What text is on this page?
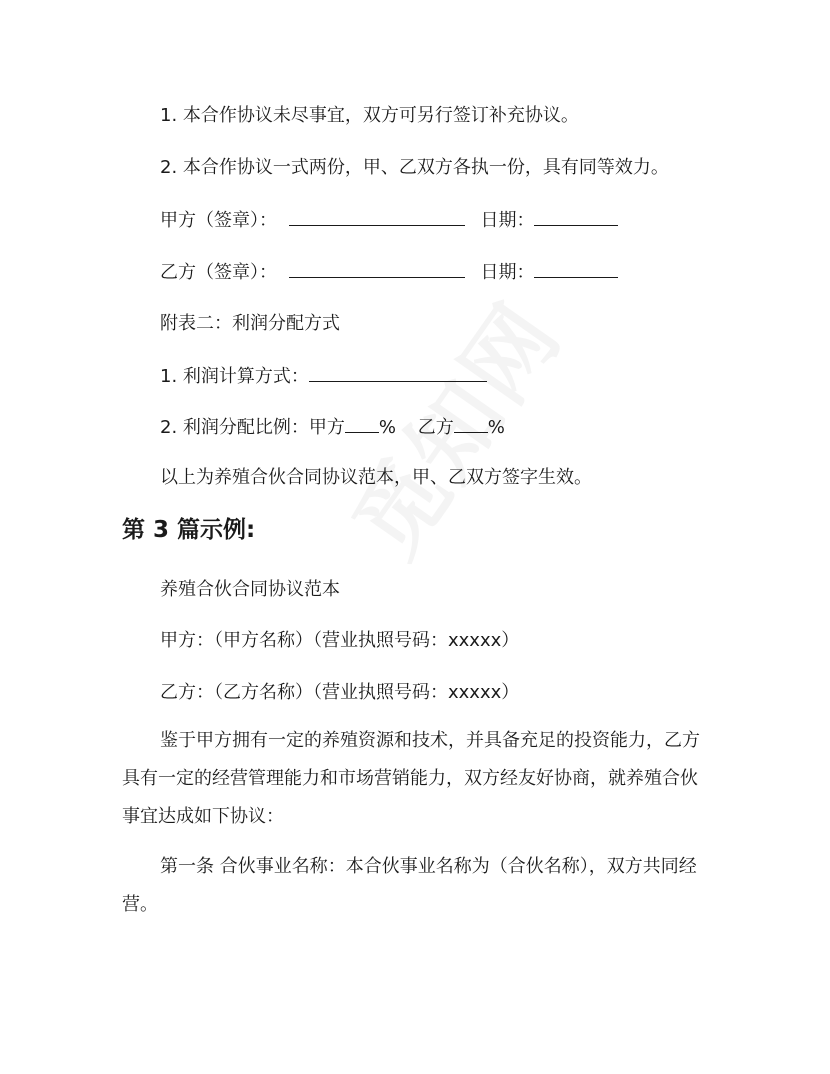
1. 本合作协议未尽事宜，双方可另行签订补充协议。
2. 本合作协议一式两份，甲、乙双方各执一份，具有同等效力。
甲方（签章）：	日期：
乙方（签章）：	日期：
附表二：利润分配方式
1. 利润计算方式：
2. 利润分配比例：甲方 % 乙方 %
以上为养殖合伙合同协议范本，甲、乙双方签字生效。
第 3 篇示例:
养殖合伙合同协议范本
甲方：（甲方名称）（营业执照号码：xxxxx）
乙方：（乙方名称）（营业执照号码：xxxxx）
鉴于甲方拥有一定的养殖资源和技术，并具备充足的投资能力，乙方具有一定的经营管理能力和市场营销能力，双方经友好协商，就养殖合伙事宜达成如下协议：
第一条 合伙事业名称：本合伙事业名称为（合伙名称），双方共同经营。
